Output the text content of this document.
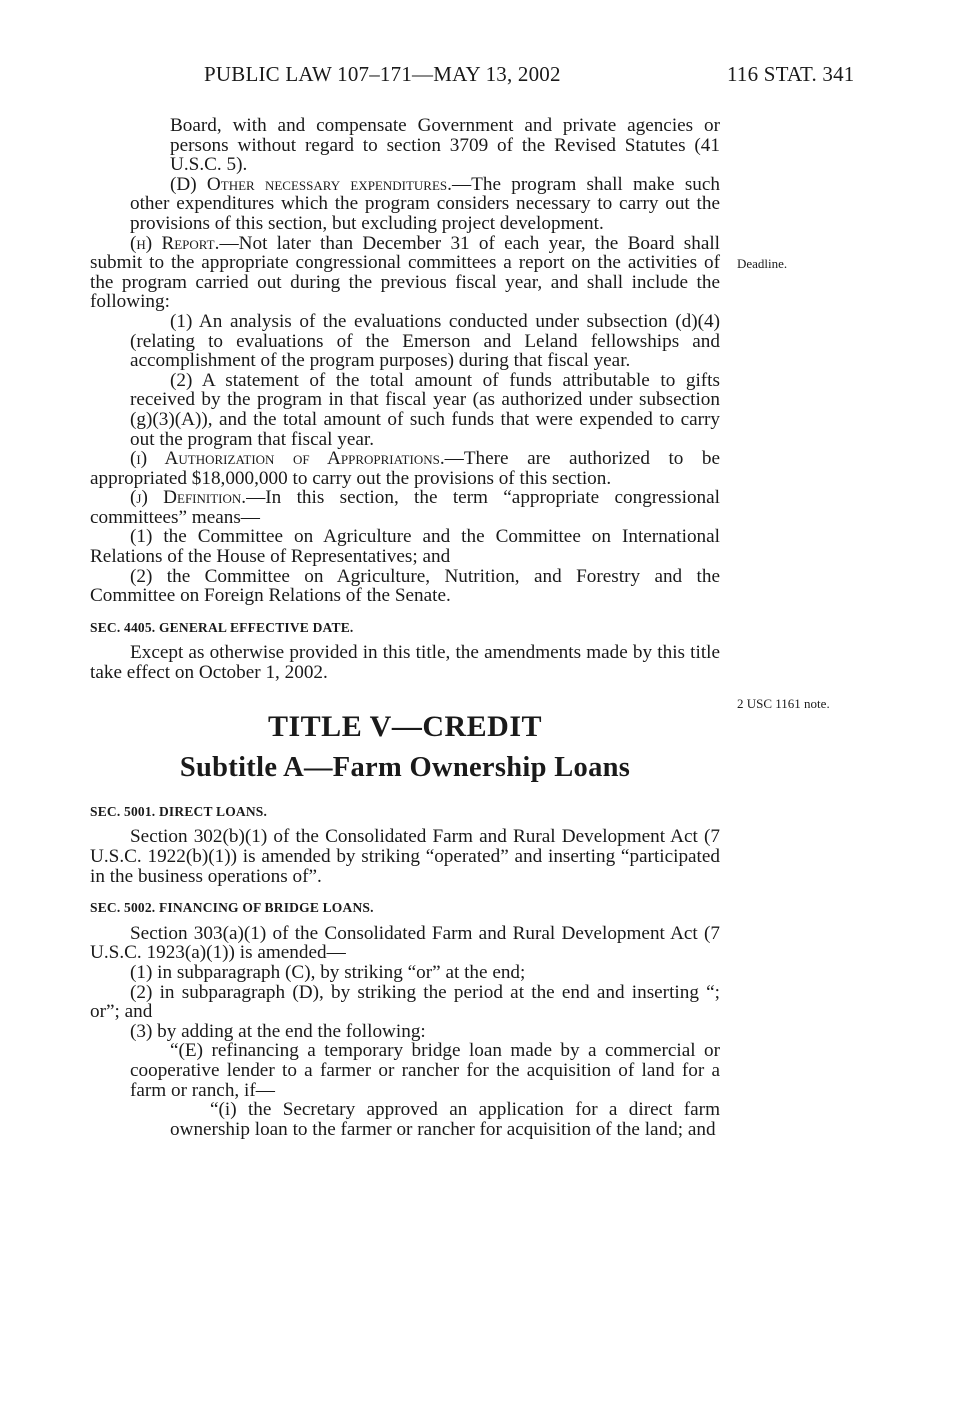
PUBLIC LAW 107–171—MAY 13, 2002	116 STAT. 341
Deadline.
2 USC 1161 note.

Board, with and compensate Government and private agencies or persons without regard to section 3709 of the Revised Statutes (41 U.S.C. 5).

(D) Other necessary expenditures.—The program shall make such other expenditures which the program considers necessary to carry out the provisions of this section, but excluding project development.

(h) Report.—Not later than December 31 of each year, the Board shall submit to the appropriate congressional committees a report on the activities of the program carried out during the previous fiscal year, and shall include the following:

(1) An analysis of the evaluations conducted under subsection (d)(4) (relating to evaluations of the Emerson and Leland fellowships and accomplishment of the program purposes) during that fiscal year.

(2) A statement of the total amount of funds attributable to gifts received by the program in that fiscal year (as authorized under subsection (g)(3)(A)), and the total amount of such funds that were expended to carry out the program that fiscal year.

(i) Authorization of Appropriations.—There are authorized to be appropriated $18,000,000 to carry out the provisions of this section.

(j) Definition.—In this section, the term “appropriate congressional committees” means—

(1) the Committee on Agriculture and the Committee on International Relations of the House of Representatives; and

(2) the Committee on Agriculture, Nutrition, and Forestry and the Committee on Foreign Relations of the Senate.

SEC. 4405. GENERAL EFFECTIVE DATE.

Except as otherwise provided in this title, the amendments made by this title take effect on October 1, 2002.

TITLE V—CREDIT
Subtitle A—Farm Ownership Loans
SEC. 5001. DIRECT LOANS.

Section 302(b)(1) of the Consolidated Farm and Rural Development Act (7 U.S.C. 1922(b)(1)) is amended by striking “operated” and inserting “participated in the business operations of”.

SEC. 5002. FINANCING OF BRIDGE LOANS.

Section 303(a)(1) of the Consolidated Farm and Rural Development Act (7 U.S.C. 1923(a)(1)) is amended—

(1) in subparagraph (C), by striking “or” at the end;

(2) in subparagraph (D), by striking the period at the end and inserting “; or”; and

(3) by adding at the end the following:

“(E) refinancing a temporary bridge loan made by a commercial or cooperative lender to a farmer or rancher for the acquisition of land for a farm or ranch, if—

“(i) the Secretary approved an application for a direct farm ownership loan to the farmer or rancher for acquisition of the land; and
